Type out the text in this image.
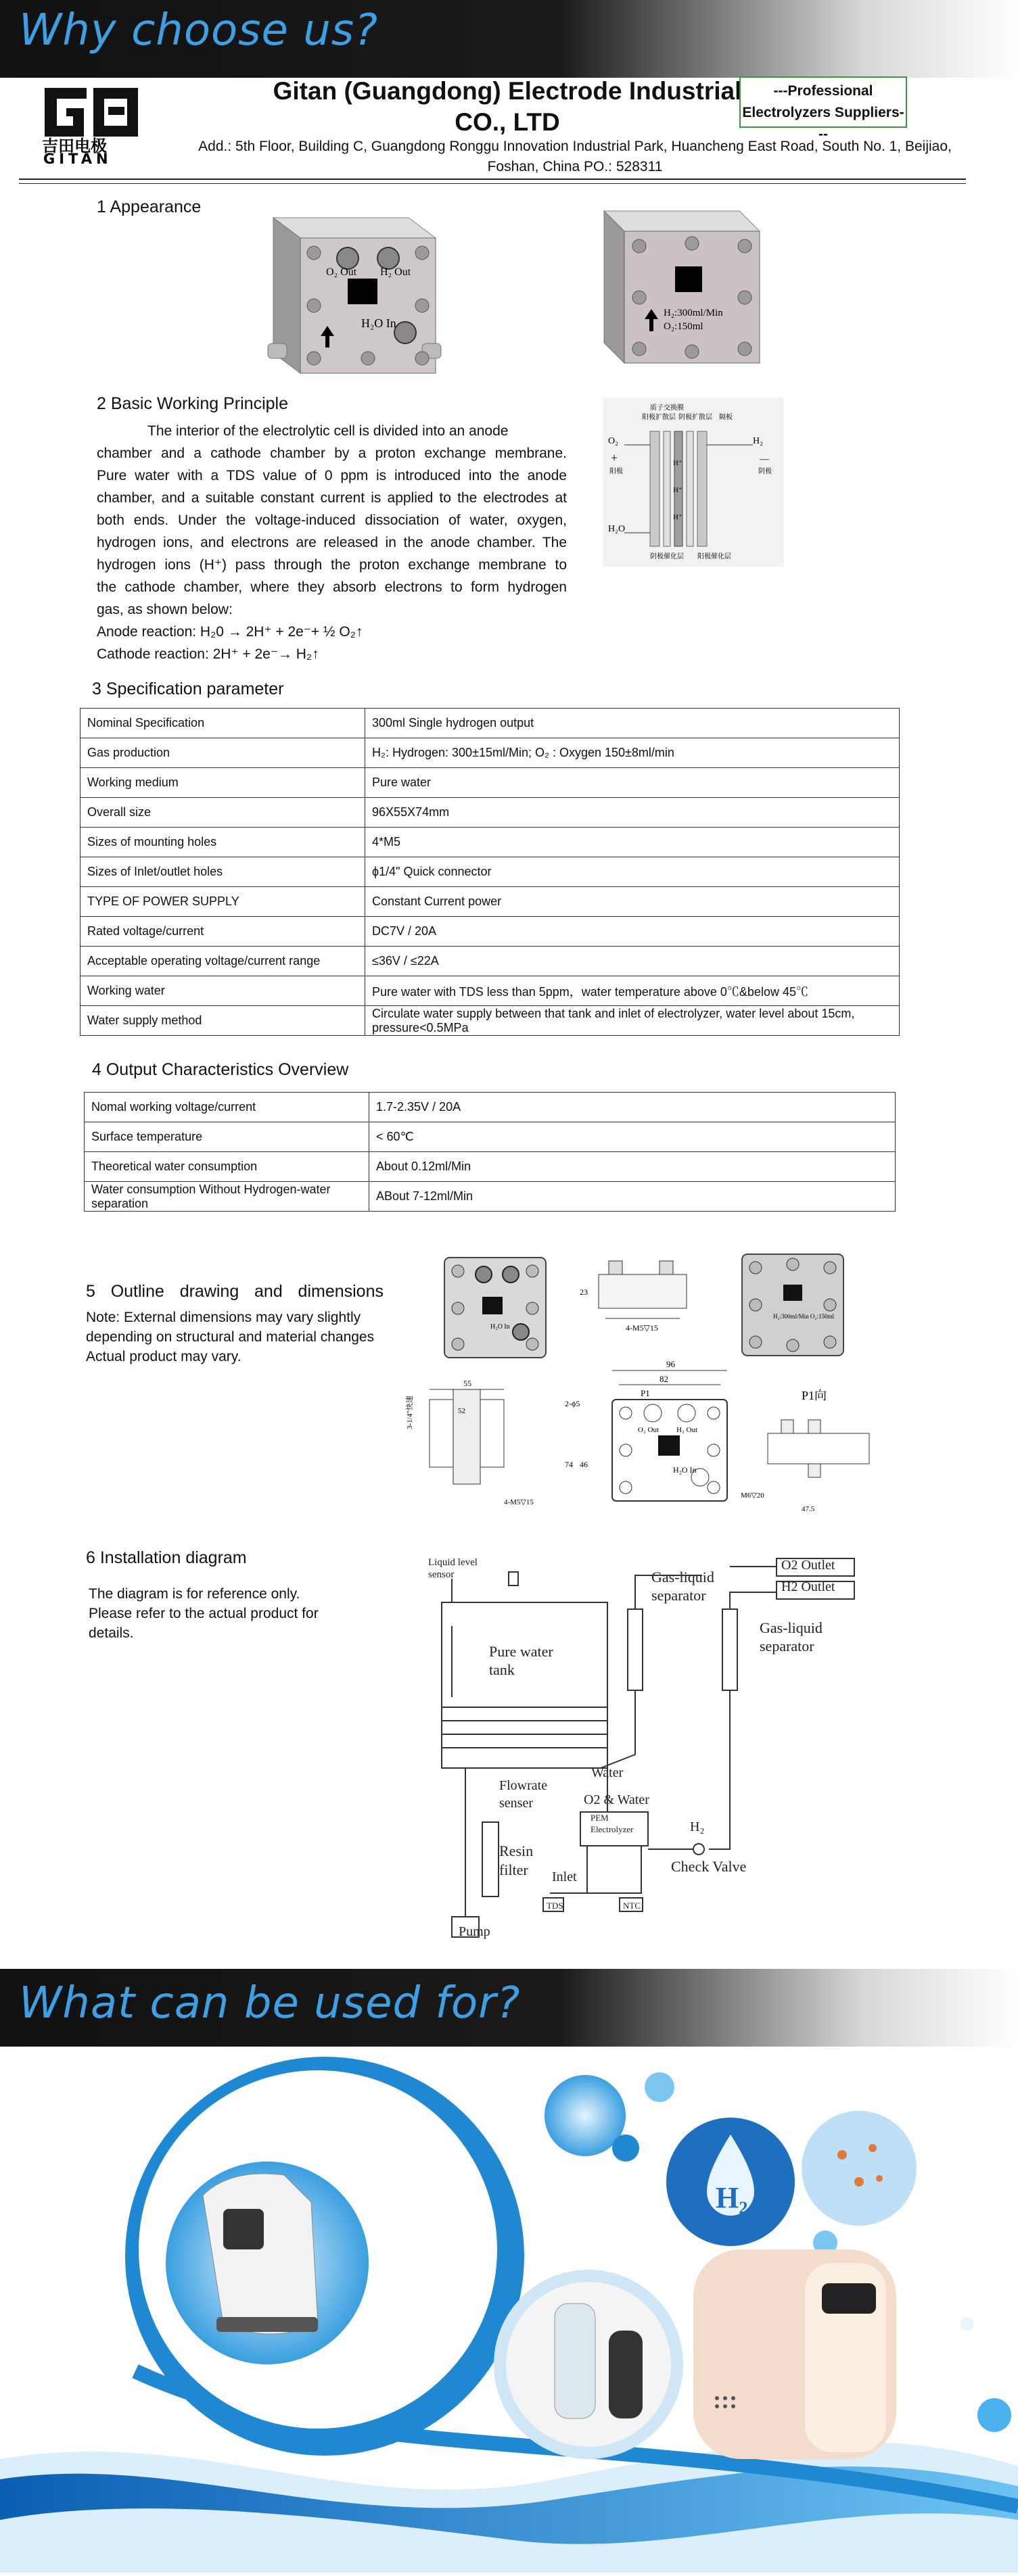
Why choose us?
吉田电极
GITAN
Gitan (Guangdong) Electrode Industrial
CO., LTD
---Professional
Electrolyzers Suppliers---
Add.: 5th Floor, Building C, Guangdong Ronggu Innovation Industrial Park, Huancheng East Road, South No. 1, Beijiao,
Foshan, China PO.: 528311
1 Appearance
O₂ Out H₂ Out
H₂O In
H₂:300ml/Min
O₂:150ml
2 Basic Working Principle
The interior of the electrolytic cell is divided into an anode
chamber and a cathode chamber by a proton exchange membrane.
Pure water with a TDS value of 0 ppm is introduced into the anode
chamber, and a suitable constant current is applied to the electrodes at
both ends. Under the voltage-induced dissociation of water, oxygen,
hydrogen ions, and electrons are released in the anode chamber. The
hydrogen ions (H⁺) pass through the proton exchange membrane to
the cathode chamber, where they absorb electrons to form hydrogen
gas, as shown below:
Anode reaction: H₂0 → 2H⁺ + 2e⁻+ ½ O₂↑
Cathode reaction: 2H⁺ + 2e⁻→ H₂↑
质子交换膜
阳极扩散层 阴极扩散层 隔板
H⁺
H⁺
H⁺
O₂	H₂
H₂O
+
阳极
—
阴极
阴极催化层 阳极催化层
3 Specification parameter
Nominal Specification	300ml Single hydrogen output
Gas production	H₂: Hydrogen: 300±15ml/Min; O₂ : Oxygen 150±8ml/min
Working medium	Pure water
Overall size	96X55X74mm
Sizes of mounting holes	4*M5
Sizes of Inlet/outlet holes	ϕ1/4" Quick connector
TYPE OF POWER SUPPLY	Constant Current power
Rated voltage/current	DC7V / 20A
Acceptable operating voltage/current range	≤36V / ≤22A
Working water	Pure water with TDS less than 5ppm，water temperature above 0℃&below 45℃
Water supply method	Circulate water supply between that tank and inlet of electrolyzer, water level about 15cm, pressure<0.5MPa
4 Output Characteristics Overview
Nomal working voltage/current	1.7-2.35V / 20A
Surface temperature	< 60℃
Theoretical water consumption	About 0.12ml/Min
Water consumption Without Hydrogen-water separation	ABout 7-12ml/Min
5 Outline drawing and dimensions
Note: External dimensions may vary slightly
depending on structural and material changes
Actual product may vary.
H₂O In	4-M5▽15
23
H₂:300ml/Min O₂:150ml
55
52
3-1/4"快速
4-M5▽15
96
82
P1
2-ϕ5
74 46
O₂ Out H₂ Out
H₂O In
P1向
M6▽20
47.5
6 Installation diagram
The diagram is for reference only.
Please refer to the actual product for
details.
Liquid level
sensor
Pure water
tank
Gas-liquid
separator
Gas-liquid
separator
O2 Outlet
H2 Outlet
Water
Flowrate
senser	O2 & Water
PEM
Electrolyzer	H₂
Resin
filter Inlet
Check Valve
TDS	NTC
Pump
What can be used for?
H₂
